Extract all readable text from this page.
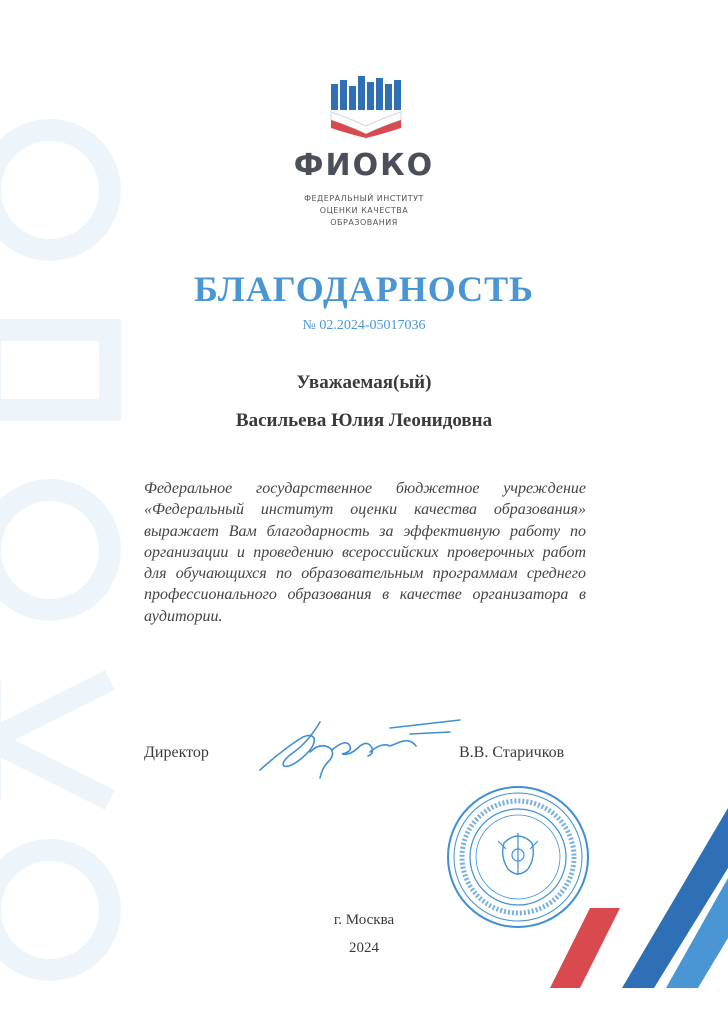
ФИОКО
ФЕДЕРАЛЬНЫЙ ИНСТИТУТ
ОЦЕНКИ КАЧЕСТВА
ОБРАЗОВАНИЯ
БЛАГОДАРНОСТЬ
№ 02.2024-05017036
Уважаемая(ый)
Васильева Юлия Леонидовна
Федеральное государственное бюджетное учреждение «Федеральный институт оценки качества образования» выражает Вам благодарность за эффективную работу по организации и проведению всероссийских проверочных работ для обучающихся по образовательным программам среднего профессионального образования в качестве организатора в аудитории.
Директор	В.В. Старичков
г. Москва
2024
